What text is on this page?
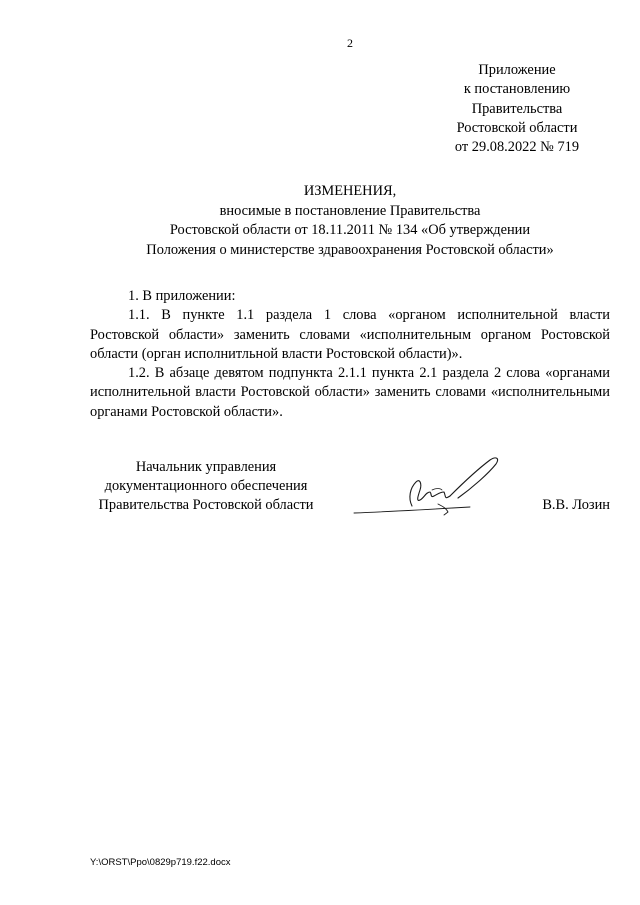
2
Приложение
к постановлению
Правительства
Ростовской области
от 29.08.2022 № 719
ИЗМЕНЕНИЯ,
вносимые в постановление Правительства
Ростовской области от 18.11.2011 № 134 «Об утверждении
Положения о министерстве здравоохранения Ростовской области»

1. В приложении:

1.1. В пункте 1.1 раздела 1 слова «органом исполнительной власти Ростовской области» заменить словами «исполнительным органом Ростовской области (орган исполнитльной власти Ростовской области)».

1.2. В абзаце девятом подпункта 2.1.1 пункта 2.1 раздела 2 слова «органами исполнительной власти Ростовской области» заменить словами «исполнительными органами Ростовской области».

Начальник управления
документационного обеспечения
Правительства Ростовской области	В.В. Лозин
Y:\ORST\Ppo\0829p719.f22.docx
